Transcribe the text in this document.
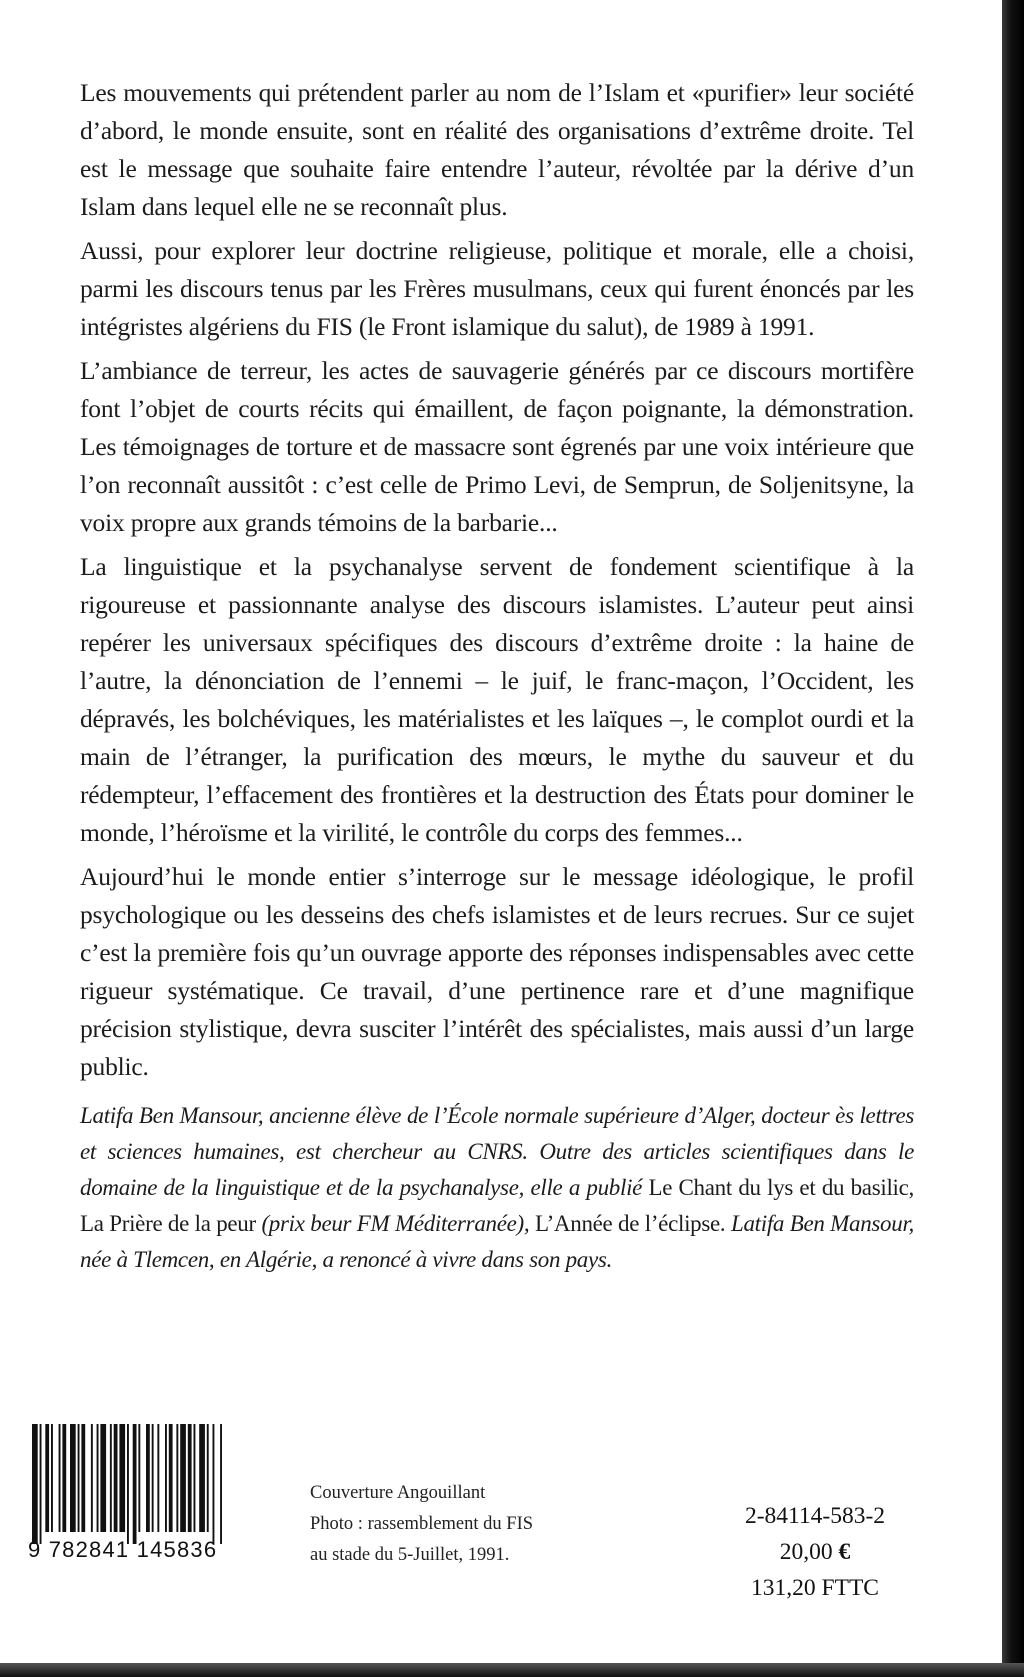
Les mouvements qui prétendent parler au nom de l’Islam et «purifier» leur société d’abord, le monde ensuite, sont en réalité des organisations d’extrême droite. Tel est le message que souhaite faire entendre l’auteur, révoltée par la dérive d’un Islam dans lequel elle ne se reconnaît plus.

Aussi, pour explorer leur doctrine religieuse, politique et morale, elle a choisi, parmi les discours tenus par les Frères musulmans, ceux qui furent énoncés par les intégristes algériens du FIS (le Front islamique du salut), de 1989 à 1991.

L’ambiance de terreur, les actes de sauvagerie générés par ce discours mortifère font l’objet de courts récits qui émaillent, de façon poignante, la démonstration. Les témoignages de torture et de massacre sont égrenés par une voix intérieure que l’on reconnaît aussitôt : c’est celle de Primo Levi, de Semprun, de Soljenitsyne, la voix propre aux grands témoins de la barbarie...

La linguistique et la psychanalyse servent de fondement scientifique à la rigoureuse et passionnante analyse des discours islamistes. L’auteur peut ainsi repérer les universaux spécifiques des discours d’extrême droite : la haine de l’autre, la dénonciation de l’ennemi – le juif, le franc-maçon, l’Occident, les dépravés, les bolchéviques, les matérialistes et les laïques –, le complot ourdi et la main de l’étranger, la purification des mœurs, le mythe du sauveur et du rédempteur, l’effacement des frontières et la destruction des États pour dominer le monde, l’héroïsme et la virilité, le contrôle du corps des femmes...

Aujourd’hui le monde entier s’interroge sur le message idéologique, le profil psychologique ou les desseins des chefs islamistes et de leurs recrues. Sur ce sujet c’est la première fois qu’un ouvrage apporte des réponses indispensables avec cette rigueur systématique. Ce travail, d’une pertinence rare et d’une magnifique précision stylistique, devra susciter l’intérêt des spécialistes, mais aussi d’un large public.

Latifa Ben Mansour, ancienne élève de l’École normale supérieure d’Alger, docteur ès lettres et sciences humaines, est chercheur au CNRS. Outre des articles scientifiques dans le domaine de la linguistique et de la psychanalyse, elle a publié Le Chant du lys et du basilic, La Prière de la peur (prix beur FM Méditerranée), L’Année de l’éclipse. Latifa Ben Mansour, née à Tlemcen, en Algérie, a renoncé à vivre dans son pays.
9 782841 145836
Couverture Angouillant
Photo : rassemblement du FIS
au stade du 5-Juillet, 1991.
2-84114-583-2
20,00 €
131,20 FTTC
